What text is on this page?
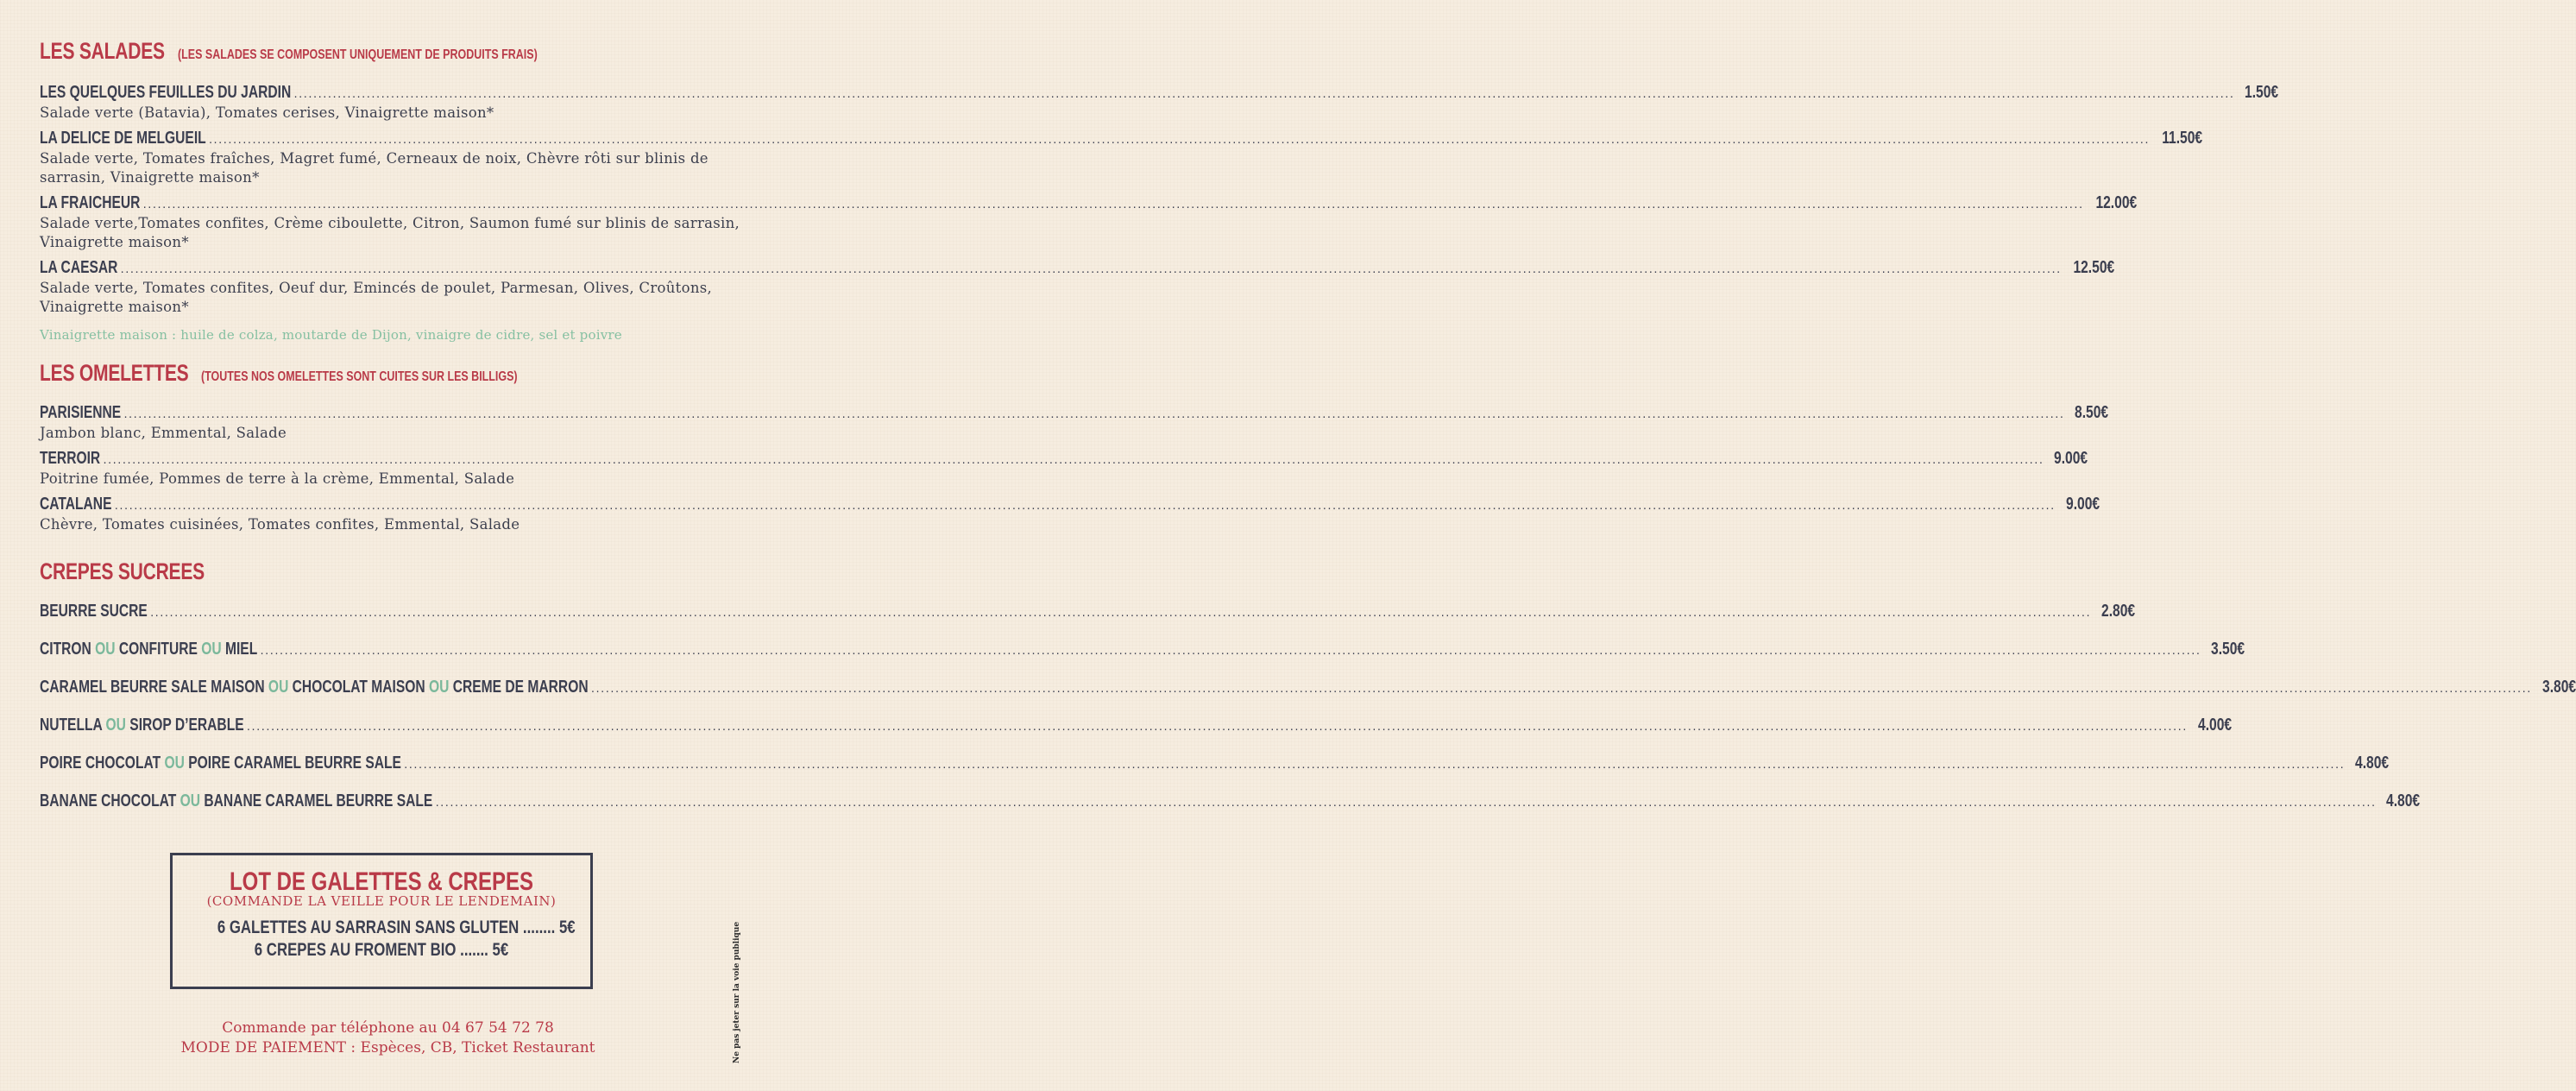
LES SALADES (LES SALADES SE COMPOSENT UNIQUEMENT DE PRODUITS FRAIS)
LES QUELQUES FEUILLES DU JARDIN ................................................................................................................................................................................................................................................................................................................................................................................................................ 1.50€
Salade verte (Batavia), Tomates cerises, Vinaigrette maison*
LA DELICE DE MELGUEIL ................................................................................................................................................................................................................................................................................................................................................................................................................ 11.50€
Salade verte, Tomates fraîches, Magret fumé, Cerneaux de noix, Chèvre rôti sur blinis de sarrasin, Vinaigrette maison*
LA FRAICHEUR ................................................................................................................................................................................................................................................................................................................................................................................................................ 12.00€
Salade verte,Tomates confites, Crème ciboulette, Citron, Saumon fumé sur blinis de sarrasin, Vinaigrette maison*
LA CAESAR ................................................................................................................................................................................................................................................................................................................................................................................................................ 12.50€
Salade verte, Tomates confites, Oeuf dur, Emincés de poulet, Parmesan, Olives, Croûtons, Vinaigrette maison*
Vinaigrette maison : huile de colza, moutarde de Dijon, vinaigre de cidre, sel et poivre
LES OMELETTES (TOUTES NOS OMELETTES SONT CUITES SUR LES BILLIGS)
PARISIENNE ................................................................................................................................................................................................................................................................................................................................................................................................................ 8.50€
Jambon blanc, Emmental, Salade
TERROIR ................................................................................................................................................................................................................................................................................................................................................................................................................ 9.00€
Poitrine fumée, Pommes de terre à la crème, Emmental, Salade
CATALANE ................................................................................................................................................................................................................................................................................................................................................................................................................ 9.00€
Chèvre, Tomates cuisinées, Tomates confites, Emmental, Salade
CREPES SUCREES
BEURRE SUCRE ................................................................................................................................................................................................................................................................................................................................................................................................................ 2.80€
CITRON OU CONFITURE OU MIEL ................................................................................................................................................................................................................................................................................................................................................................................................................ 3.50€
CARAMEL BEURRE SALE MAISON OU CHOCOLAT MAISON OU CREME DE MARRON ................................................................................................................................................................................................................................................................................................................................................................................................................ 3.80€
NUTELLA OU SIROP D’ERABLE ................................................................................................................................................................................................................................................................................................................................................................................................................ 4.00€
POIRE CHOCOLAT OU POIRE CARAMEL BEURRE SALE ................................................................................................................................................................................................................................................................................................................................................................................................................ 4.80€
BANANE CHOCOLAT OU BANANE CARAMEL BEURRE SALE ................................................................................................................................................................................................................................................................................................................................................................................................................ 4.80€
LOT DE GALETTES & CREPES
(COMMANDE LA VEILLE POUR LE LENDEMAIN)
6 GALETTES AU SARRASIN SANS GLUTEN ........ 5€
6 CREPES AU FROMENT BIO ....... 5€
Commande par téléphone au 04 67 54 72 78
MODE DE PAIEMENT : Espèces, CB, Ticket Restaurant	Ne pas jeter sur la voie publique
